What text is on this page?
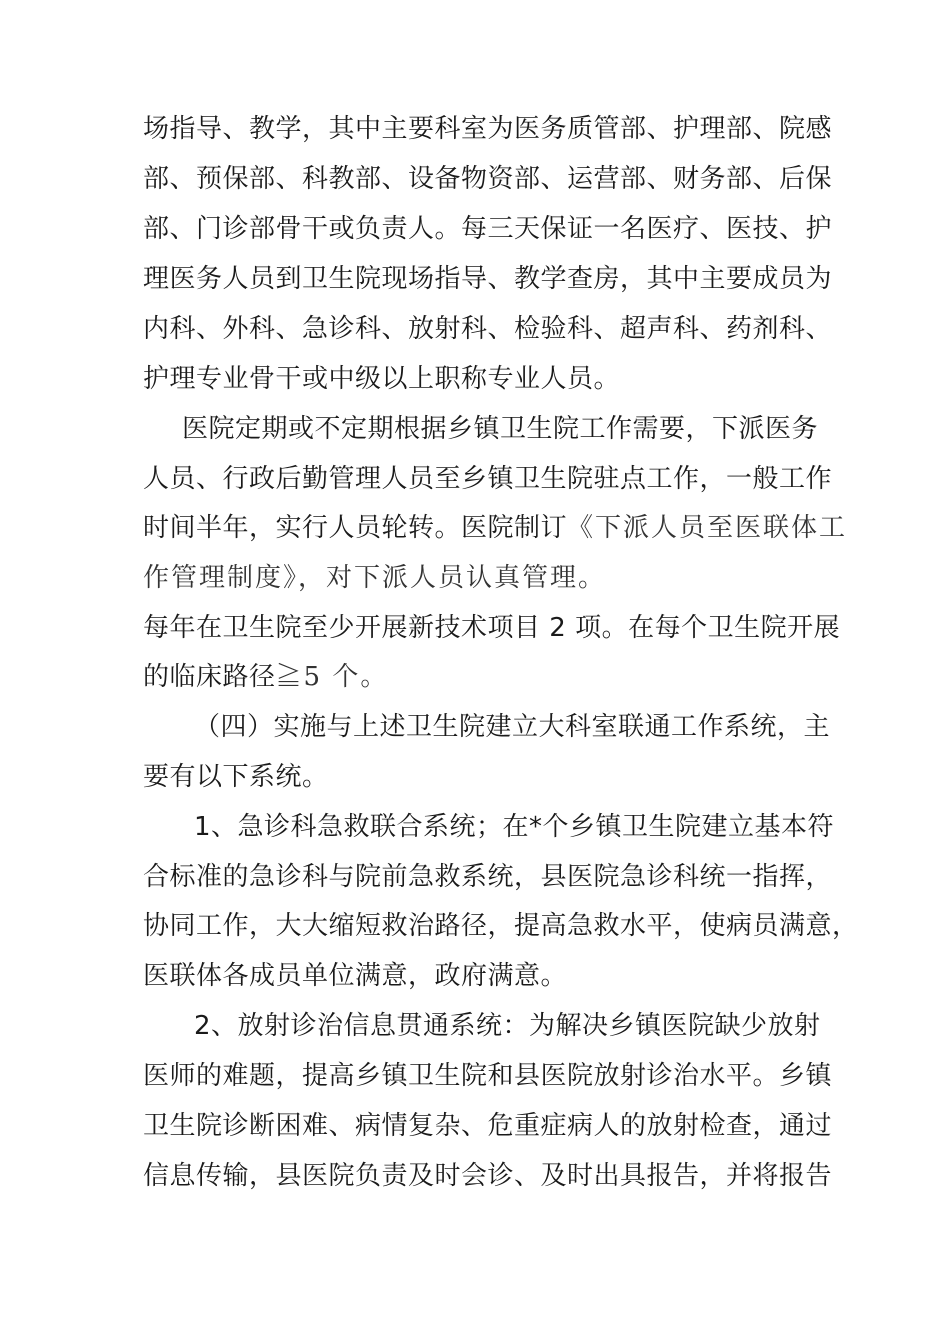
场指导、教学，其中主要科室为医务质管部、护理部、院感
部、预保部、科教部、设备物资部、运营部、财务部、后保
部、门诊部骨干或负责人。每三天保证一名医疗、医技、护
理医务人员到卫生院现场指导、教学查房，其中主要成员为
内科、外科、急诊科、放射科、检验科、超声科、药剂科、
护理专业骨干或中级以上职称专业人员。
医院定期或不定期根据乡镇卫生院工作需要，下派医务
人员、行政后勤管理人员至乡镇卫生院驻点工作，一般工作
时间半年，实行人员轮转。医院制订《下派人员至医联体工
作管理制度》，对下派人员认真管理。
每年在卫生院至少开展新技术项目 2 项。在每个卫生院开展
的临床路径≧5 个。
（四）实施与上述卫生院建立大科室联通工作系统，主
要有以下系统。
1、急诊科急救联合系统；在*个乡镇卫生院建立基本符
合标准的急诊科与院前急救系统，县医院急诊科统一指挥，
协同工作，大大缩短救治路径，提高急救水平，使病员满意，
医联体各成员单位满意，政府满意。
2、放射诊治信息贯通系统：为解决乡镇医院缺少放射
医师的难题，提高乡镇卫生院和县医院放射诊治水平。乡镇
卫生院诊断困难、病情复杂、危重症病人的放射检查，通过
信息传输，县医院负责及时会诊、及时出具报告，并将报告
